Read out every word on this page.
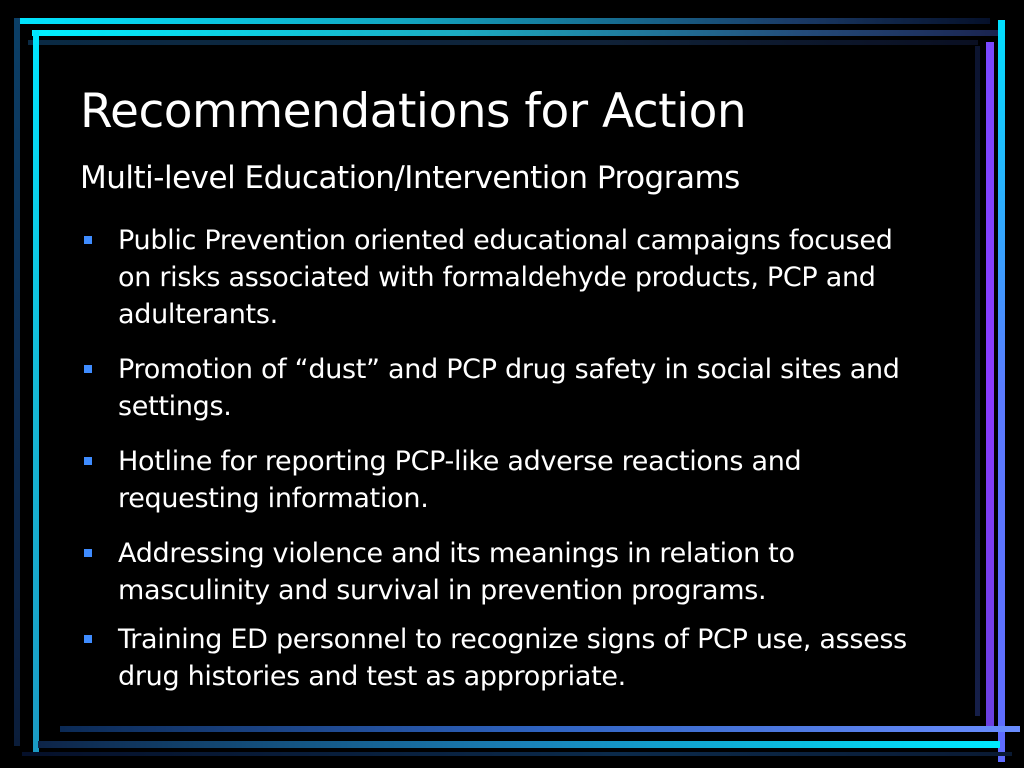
Recommendations for Action
Multi-level Education/Intervention Programs
Public Prevention oriented educational campaigns focused on risks associated with formaldehyde products, PCP and adulterants.
Promotion of “dust” and PCP drug safety in social sites and settings.
Hotline for reporting PCP-like adverse reactions and requesting information.
Addressing violence and its meanings in relation to masculinity and survival in prevention programs.
Training ED personnel to recognize signs of PCP use, assess drug histories and test as appropriate.
